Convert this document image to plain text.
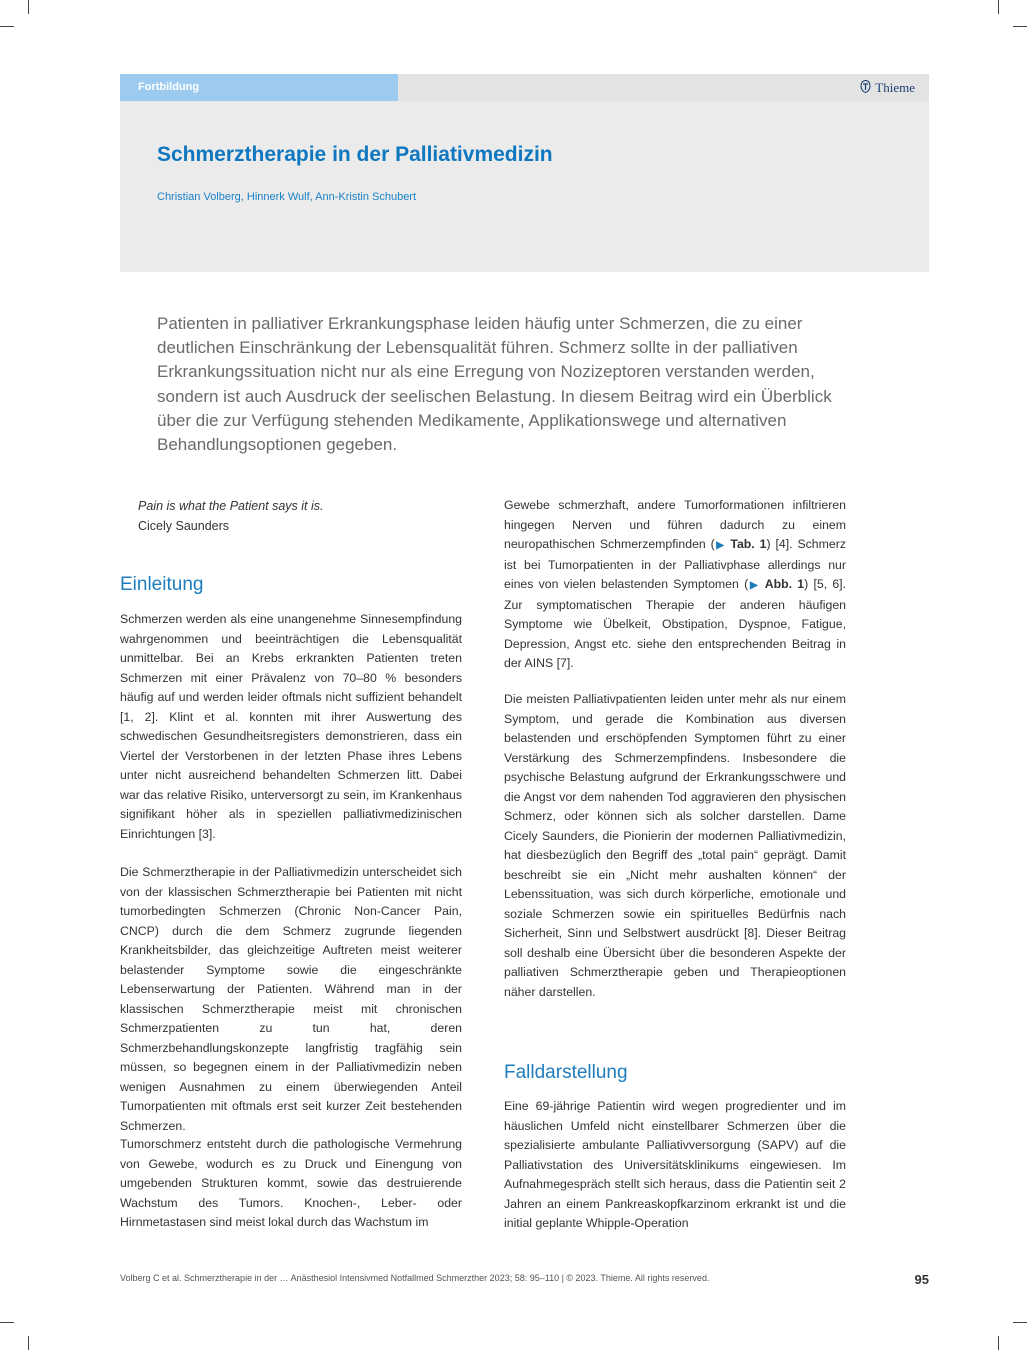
Fortbildung	Thieme
Schmerztherapie in der Palliativmedizin
Christian Volberg, Hinnerk Wulf, Ann-Kristin Schubert

Patienten in palliativer Erkrankungsphase leiden häufig unter Schmerzen, die zu einer deutlichen Einschränkung der Lebensqualität führen. Schmerz sollte in der palliativen Erkrankungssituation nicht nur als eine Erregung von Nozizeptoren verstanden werden, sondern ist auch Ausdruck der seelischen Belastung. In diesem Beitrag wird ein Überblick über die zur Verfügung stehenden Medikamente, Applikationswege und alternativen Behandlungsoptionen gegeben.

Pain is what the Patient says it is.
Cicely Saunders
Einleitung

Schmerzen werden als eine unangenehme Sinnesempfindung wahrgenommen und beeinträchtigen die Lebensqualität unmittelbar. Bei an Krebs erkrankten Patienten treten Schmerzen mit einer Prävalenz von 70–80 % besonders häufig auf und werden leider oftmals nicht suffizient behandelt [1, 2]. Klint et al. konnten mit ihrer Auswertung des schwedischen Gesundheitsregisters demonstrieren, dass ein Viertel der Verstorbenen in der letzten Phase ihres Lebens unter nicht ausreichend behandelten Schmerzen litt. Dabei war das relative Risiko, unterversorgt zu sein, im Krankenhaus signifikant höher als in speziellen palliativmedizinischen Einrichtungen [3].

Die Schmerztherapie in der Palliativmedizin unterscheidet sich von der klassischen Schmerztherapie bei Patienten mit nicht tumorbedingten Schmerzen (Chronic Non-Cancer Pain, CNCP) durch die dem Schmerz zugrunde liegenden Krankheitsbilder, das gleichzeitige Auftreten meist weiterer belastender Symptome sowie die eingeschränkte Lebenserwartung der Patienten. Während man in der klassischen Schmerztherapie meist mit chronischen Schmerzpatienten zu tun hat, deren Schmerzbehandlungskonzepte langfristig tragfähig sein müssen, so begegnen einem in der Palliativmedizin neben wenigen Ausnahmen zu einem überwiegenden Anteil Tumorpatienten mit oftmals erst seit kurzer Zeit bestehenden Schmerzen.

Tumorschmerz entsteht durch die pathologische Vermehrung von Gewebe, wodurch es zu Druck und Einengung von umgebenden Strukturen kommt, sowie das destruierende Wachstum des Tumors. Knochen-, Leber- oder Hirnmetastasen sind meist lokal durch das Wachstum im

Gewebe schmerzhaft, andere Tumorformationen infiltrieren hingegen Nerven und führen dadurch zu einem neuropathischen Schmerzempfinden (▶ Tab. 1) [4]. Schmerz ist bei Tumorpatienten in der Palliativphase allerdings nur eines von vielen belastenden Symptomen (▶ Abb. 1) [5, 6]. Zur symptomatischen Therapie der anderen häufigen Symptome wie Übelkeit, Obstipation, Dyspnoe, Fatigue, Depression, Angst etc. siehe den entsprechenden Beitrag in der AINS [7].

Die meisten Palliativpatienten leiden unter mehr als nur einem Symptom, und gerade die Kombination aus diversen belastenden und erschöpfenden Symptomen führt zu einer Verstärkung des Schmerzempfindens. Insbesondere die psychische Belastung aufgrund der Erkrankungsschwere und die Angst vor dem nahenden Tod aggravieren den physischen Schmerz, oder können sich als solcher darstellen. Dame Cicely Saunders, die Pionierin der modernen Palliativmedizin, hat diesbezüglich den Begriff des „total pain“ geprägt. Damit beschreibt sie ein „Nicht mehr aushalten können“ der Lebenssituation, was sich durch körperliche, emotionale und soziale Schmerzen sowie ein spirituelles Bedürfnis nach Sicherheit, Sinn und Selbstwert ausdrückt [8]. Dieser Beitrag soll deshalb eine Übersicht über die besonderen Aspekte der palliativen Schmerztherapie geben und Therapieoptionen näher darstellen.

Falldarstellung

Eine 69-jährige Patientin wird wegen progredienter und im häuslichen Umfeld nicht einstellbarer Schmerzen über die spezialisierte ambulante Palliativversorgung (SAPV) auf die Palliativstation des Universitätsklinikums eingewiesen. Im Aufnahmegespräch stellt sich heraus, dass die Patientin seit 2 Jahren an einem Pankreaskopfkarzinom erkrankt ist und die initial geplante Whipple-Operation

Volberg C et al. Schmerztherapie in der … Anästhesiol Intensivmed Notfallmed Schmerzther 2023; 58: 95–110 | © 2023. Thieme. All rights reserved.	95
